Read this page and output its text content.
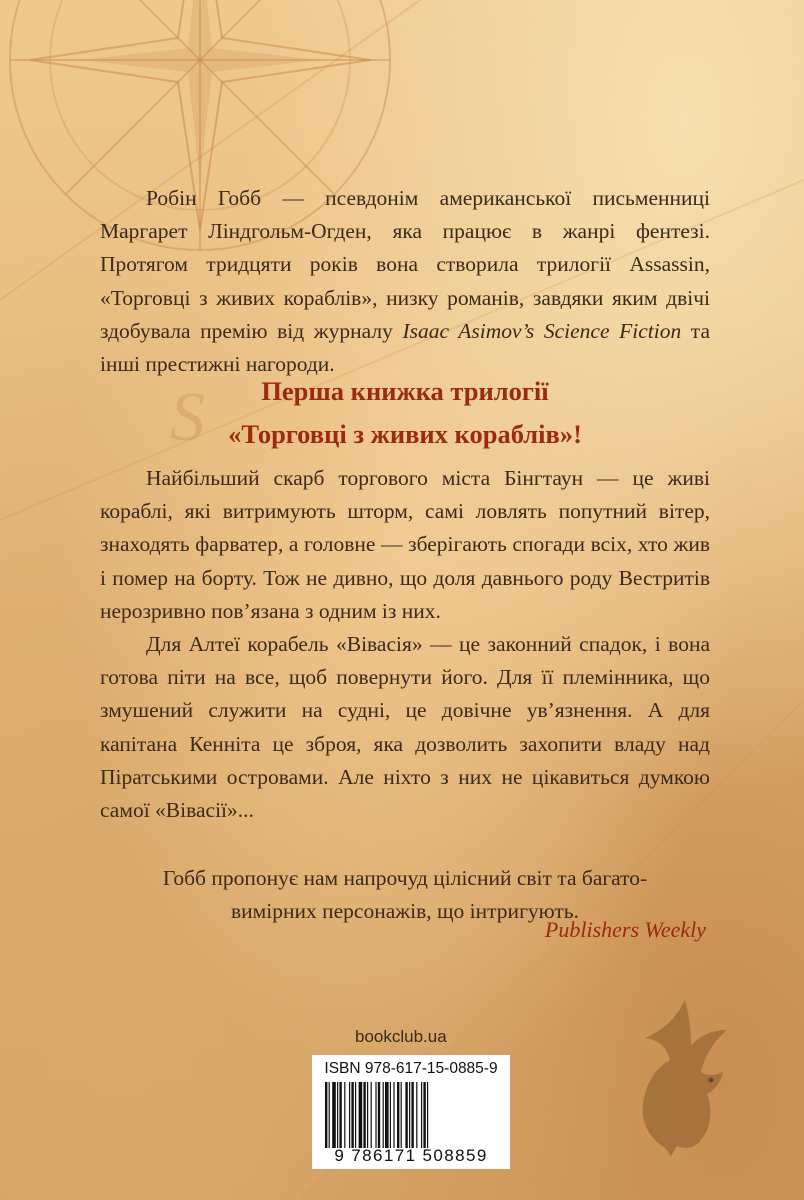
S

Робін Гобб — псевдонім американської письменниці Маргарет Ліндгольм-Огден, яка працює в жанрі фентезі. Протягом тридцяти років вона створила трилогії Assassin, «Торговці з живих кораблів», низку романів, завдяки яким двічі здобувала премію від журналу Isaac Asimov’s Science Fiction та інші престижні нагороди.

Перша книжка трилогії
«Торговці з живих кораблів»!

Найбільший скарб торгового міста Бінгтаун — це живі кораблі, які витримують шторм, самі ловлять попутний вітер, знаходять фарватер, а головне — зберігають спогади всіх, хто жив і помер на борту. Тож не дивно, що доля давнього роду Вестритів нерозривно пов’язана з одним із них.

Для Алтеї корабель «Вівасія» — це законний спадок, і вона готова піти на все, щоб повернути його. Для її племінника, що змушений служити на судні, це довічне ув’язнення. А для капітана Кенніта це зброя, яка дозволить захопити владу над Піратськими островами. Але ніхто з них не цікавиться думкою самої «Вівасії»...

Гобб пропонує нам напрочуд цілісний світ та багато-
вимірних персонажів, що інтригують.

Publishers Weekly

bookclub.ua
ISBN 978-617-15-0885-9
9 786171 508859
